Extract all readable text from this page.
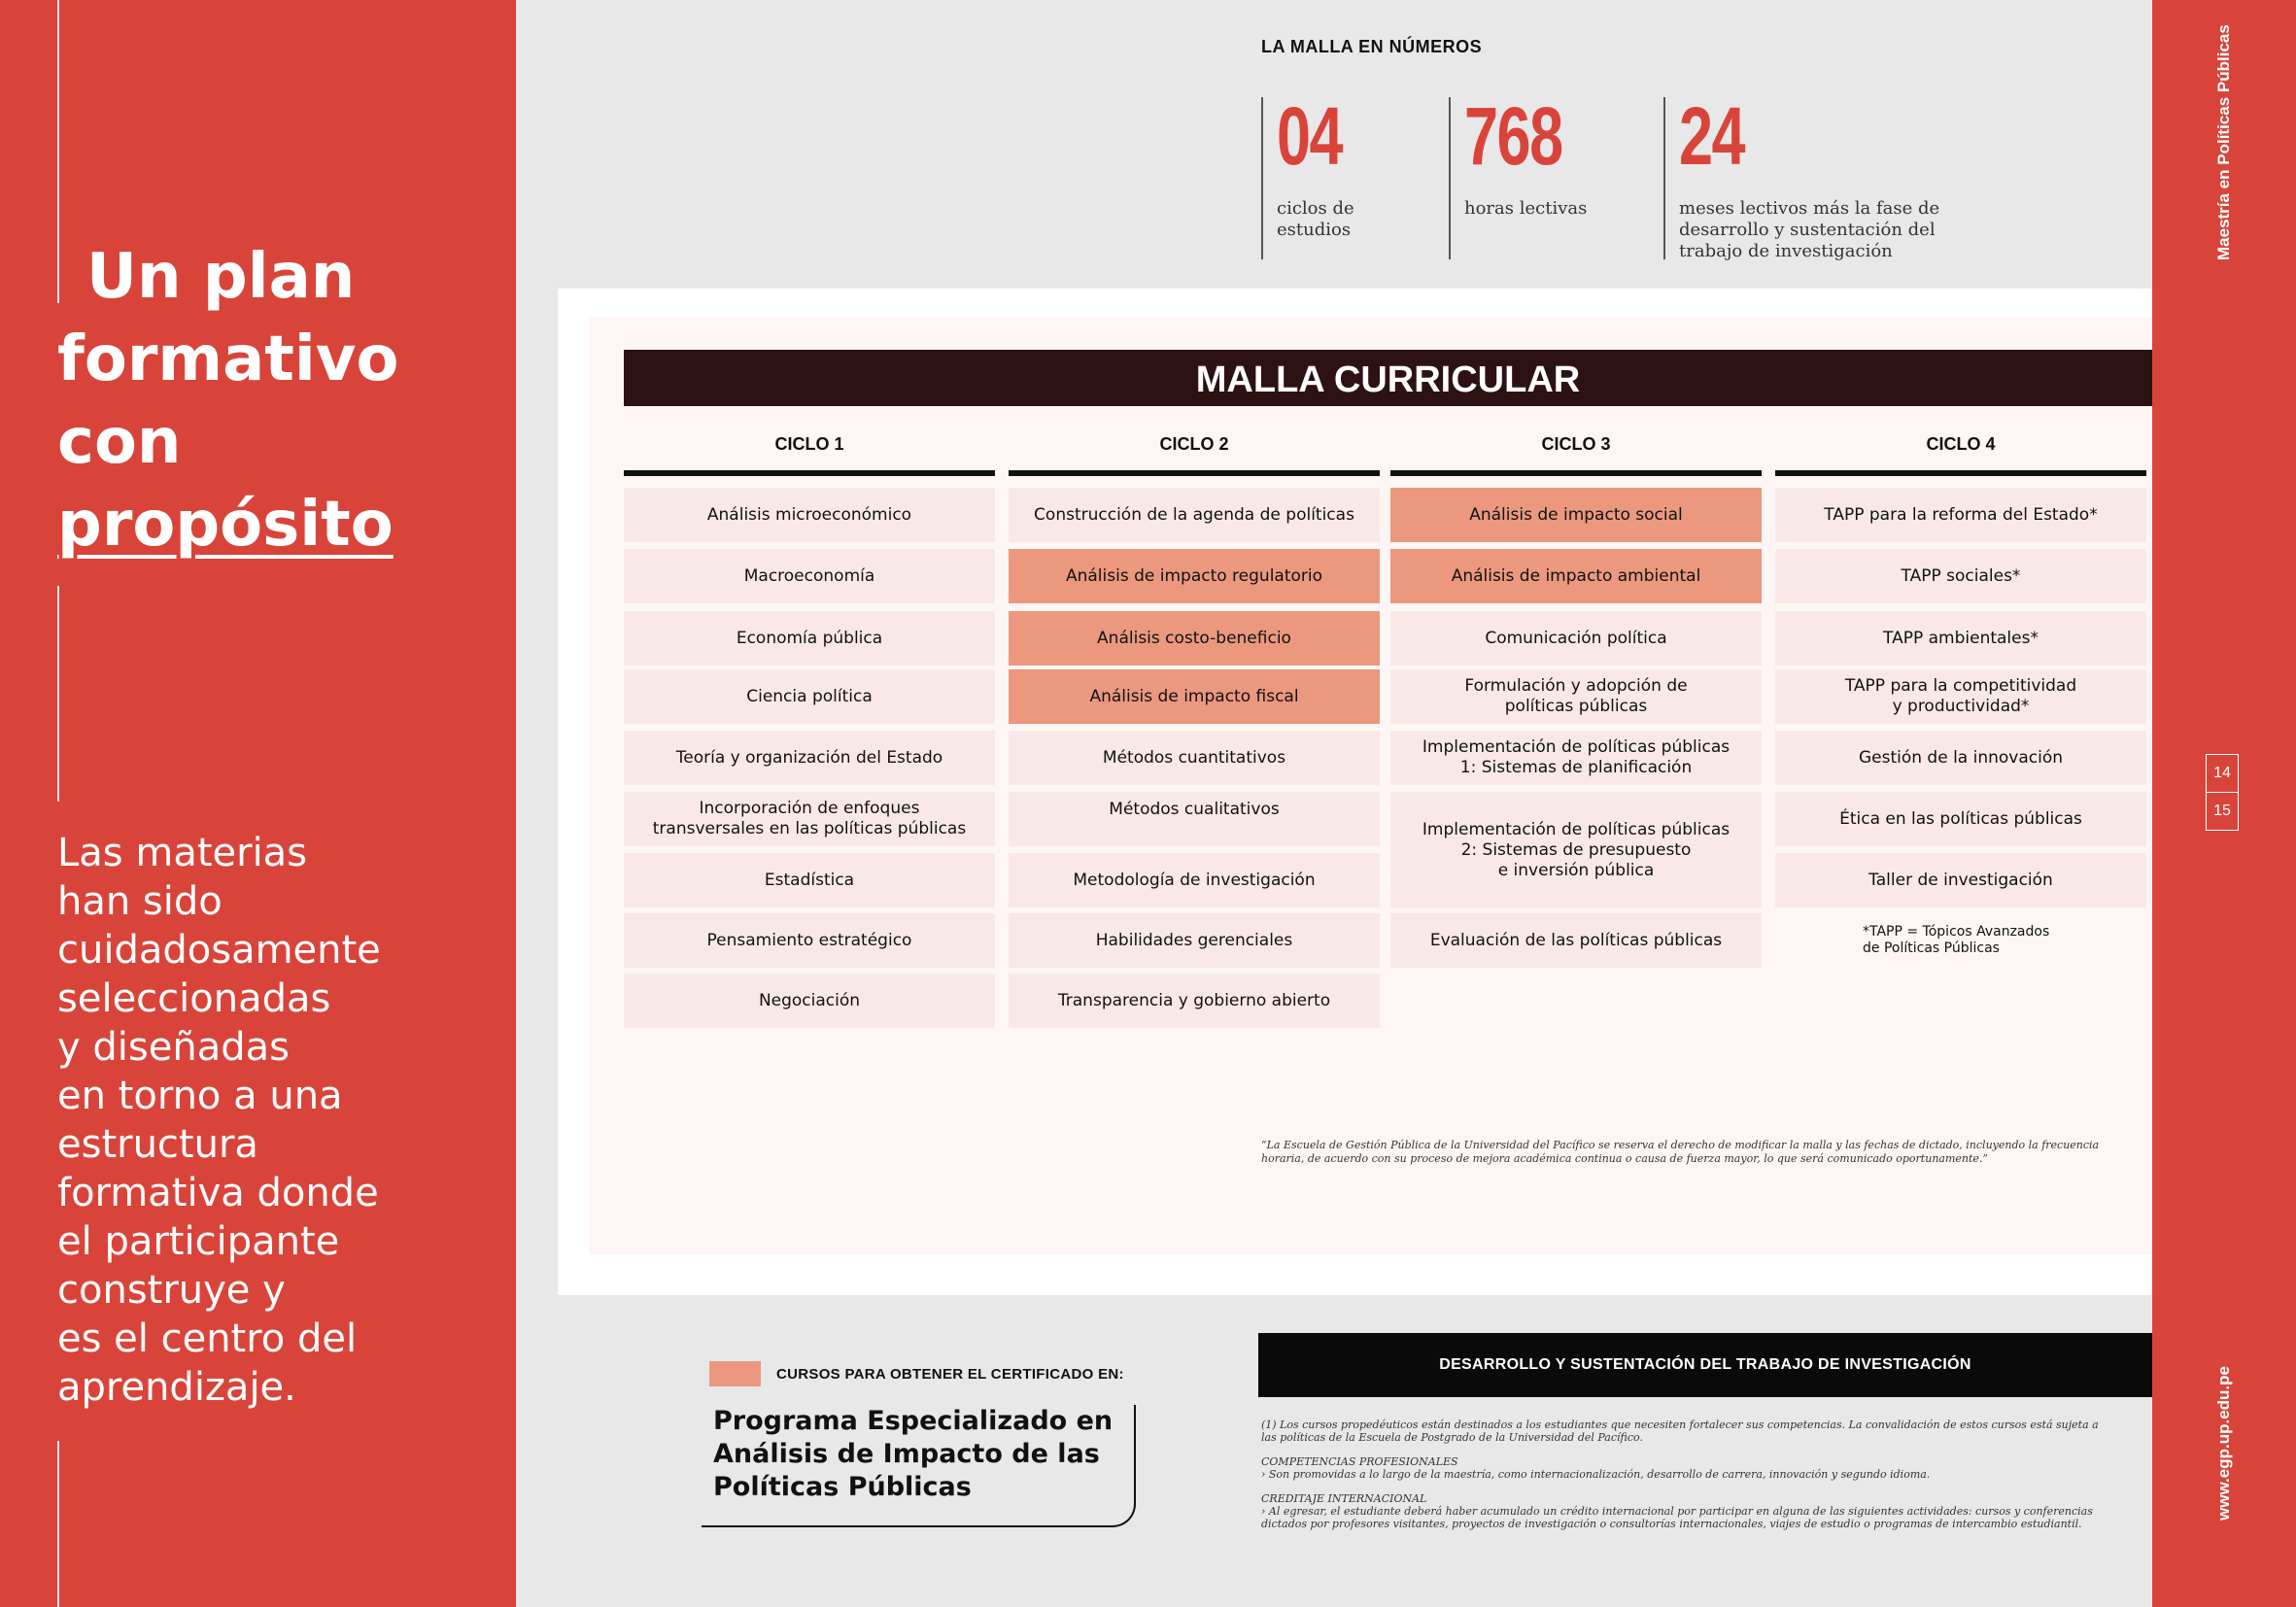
Un plan
formativo
con
propósito
Las materias
han sido
cuidadosamente
seleccionadas
y diseñadas
en torno a una
estructura
formativa donde
el participante
construye y
es el centro del
aprendizaje.
Maestría en Políticas Públicas
www.egp.up.edu.pe
14
15
LA MALLA EN NÚMEROS
04
ciclos de
estudios
768
horas lectivas
24
meses lectivos más la fase de
desarrollo y sustentación del
trabajo de investigación
MALLA CURRICULAR
CICLO 1
Análisis microeconómico
Macroeconomía
Economía pública
Ciencia política
Teoría y organización del Estado
Incorporación de enfoques
transversales en las políticas públicas
Estadística
Pensamiento estratégico
Negociación
CICLO 2
Construcción de la agenda de políticas
Análisis de impacto regulatorio
Análisis costo-beneficio
Análisis de impacto fiscal
Métodos cuantitativos
Métodos cualitativos
Metodología de investigación
Habilidades gerenciales
Transparencia y gobierno abierto
CICLO 3
Análisis de impacto social
Análisis de impacto ambiental
Comunicación política
Formulación y adopción de
políticas públicas
Implementación de políticas públicas
1: Sistemas de planificación
Implementación de políticas públicas
2: Sistemas de presupuesto
e inversión pública
Evaluación de las políticas públicas
CICLO 4
TAPP para la reforma del Estado*
TAPP sociales*
TAPP ambientales*
TAPP para la competitividad
y productividad*
Gestión de la innovación
Ética en las políticas públicas
Taller de investigación
*TAPP = Tópicos Avanzados
de Políticas Públicas
“La Escuela de Gestión Pública de la Universidad del Pacífico se reserva el derecho de modificar la malla y las fechas de dictado, incluyendo la frecuencia horaria, de acuerdo con su proceso de mejora académica continua o causa de fuerza mayor, lo que será comunicado oportunamente.”
CURSOS PARA OBTENER EL CERTIFICADO EN:
Programa Especializado en
Análisis de Impacto de las
Políticas Públicas
DESARROLLO Y SUSTENTACIÓN DEL TRABAJO DE INVESTIGACIÓN

(1) Los cursos propedéuticos están destinados a los estudiantes que necesiten fortalecer sus competencias. La convalidación de estos cursos está sujeta a las políticas de la Escuela de Postgrado de la Universidad del Pacífico.

COMPETENCIAS PROFESIONALES

› Son promovidas a lo largo de la maestría, como internacionalización, desarrollo de carrera, innovación y segundo idioma.

CREDITAJE INTERNACIONAL

› Al egresar, el estudiante deberá haber acumulado un crédito internacional por participar en alguna de las siguientes actividades: cursos y conferencias dictados por profesores visitantes, proyectos de investigación o consultorías internacionales, viajes de estudio o programas de intercambio estudiantil.
